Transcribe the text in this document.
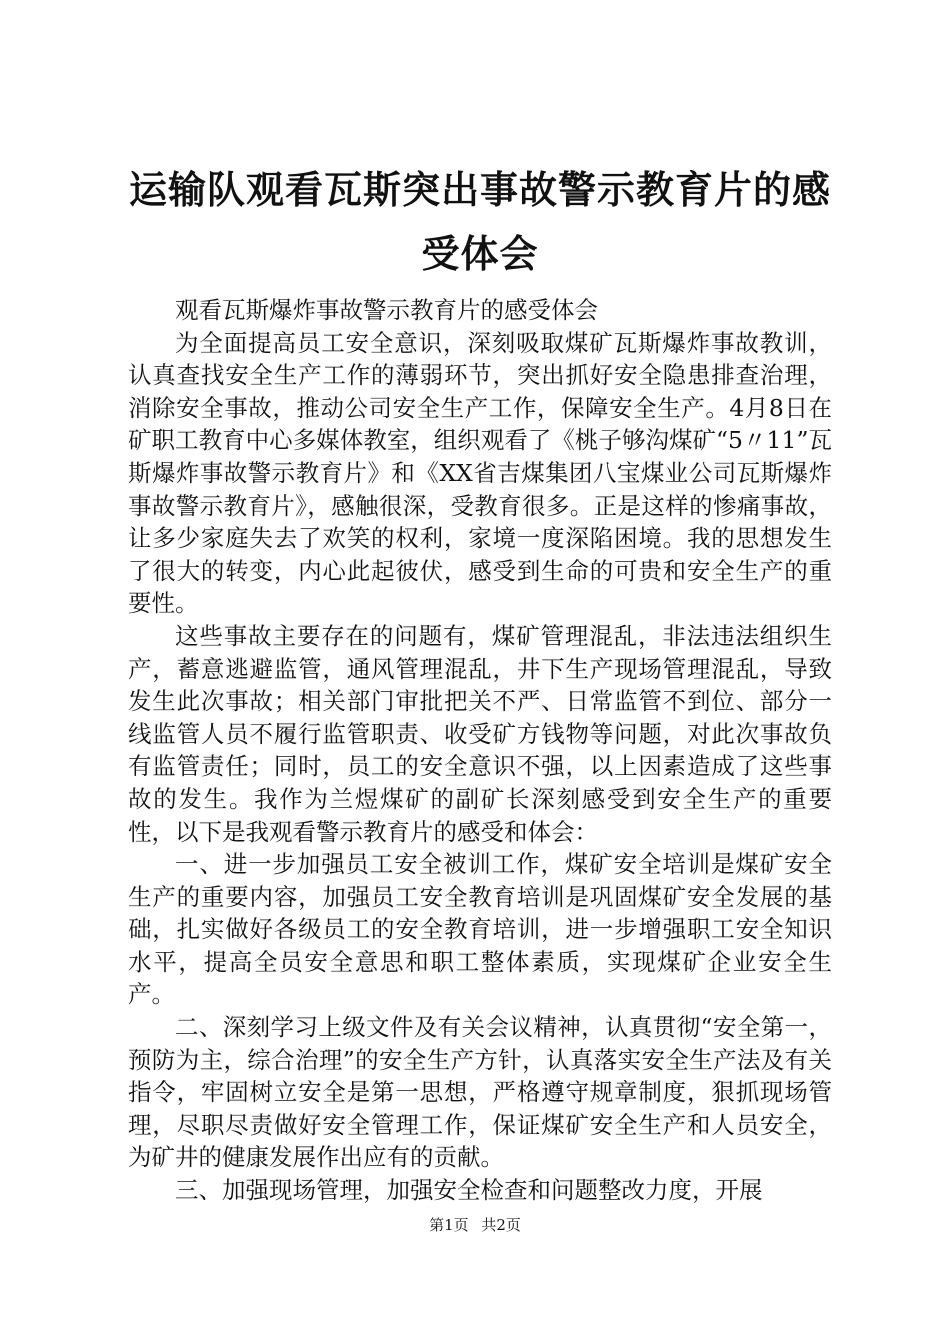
运输队观看瓦斯突出事故警示教育片的感受体会

观看瓦斯爆炸事故警示教育片的感受体会

为全面提高员工安全意识，深刻吸取煤矿瓦斯爆炸事故教训，认真查找安全生产工作的薄弱环节，突出抓好安全隐患排查治理，消除安全事故，推动公司安全生产工作，保障安全生产。4月8日在矿职工教育中心多媒体教室，组织观看了《桃子够沟煤矿“5〃11”瓦斯爆炸事故警示教育片》和《XX省吉煤集团八宝煤业公司瓦斯爆炸事故警示教育片》，感触很深，受教育很多。正是这样的惨痛事故，让多少家庭失去了欢笑的权利，家境一度深陷困境。我的思想发生了很大的转变，内心此起彼伏，感受到生命的可贵和安全生产的重要性。

这些事故主要存在的问题有，煤矿管理混乱，非法违法组织生产，蓄意逃避监管，通风管理混乱，井下生产现场管理混乱，导致发生此次事故；相关部门审批把关不严、日常监管不到位、部分一线监管人员不履行监管职责、收受矿方钱物等问题，对此次事故负有监管责任；同时，员工的安全意识不强，以上因素造成了这些事故的发生。我作为兰煜煤矿的副矿长深刻感受到安全生产的重要性，以下是我观看警示教育片的感受和体会：

一、进一步加强员工安全被训工作，煤矿安全培训是煤矿安全生产的重要内容，加强员工安全教育培训是巩固煤矿安全发展的基础，扎实做好各级员工的安全教育培训，进一步增强职工安全知识水平，提高全员安全意思和职工整体素质，实现煤矿企业安全生产。

二、深刻学习上级文件及有关会议精神，认真贯彻“安全第一，预防为主，综合治理”的安全生产方针，认真落实安全生产法及有关指令，牢固树立安全是第一思想，严格遵守规章制度，狠抓现场管理，尽职尽责做好安全管理工作，保证煤矿安全生产和人员安全，为矿井的健康发展作出应有的贡献。

三、加强现场管理，加强安全检查和问题整改力度，开展

第1页 共2页
